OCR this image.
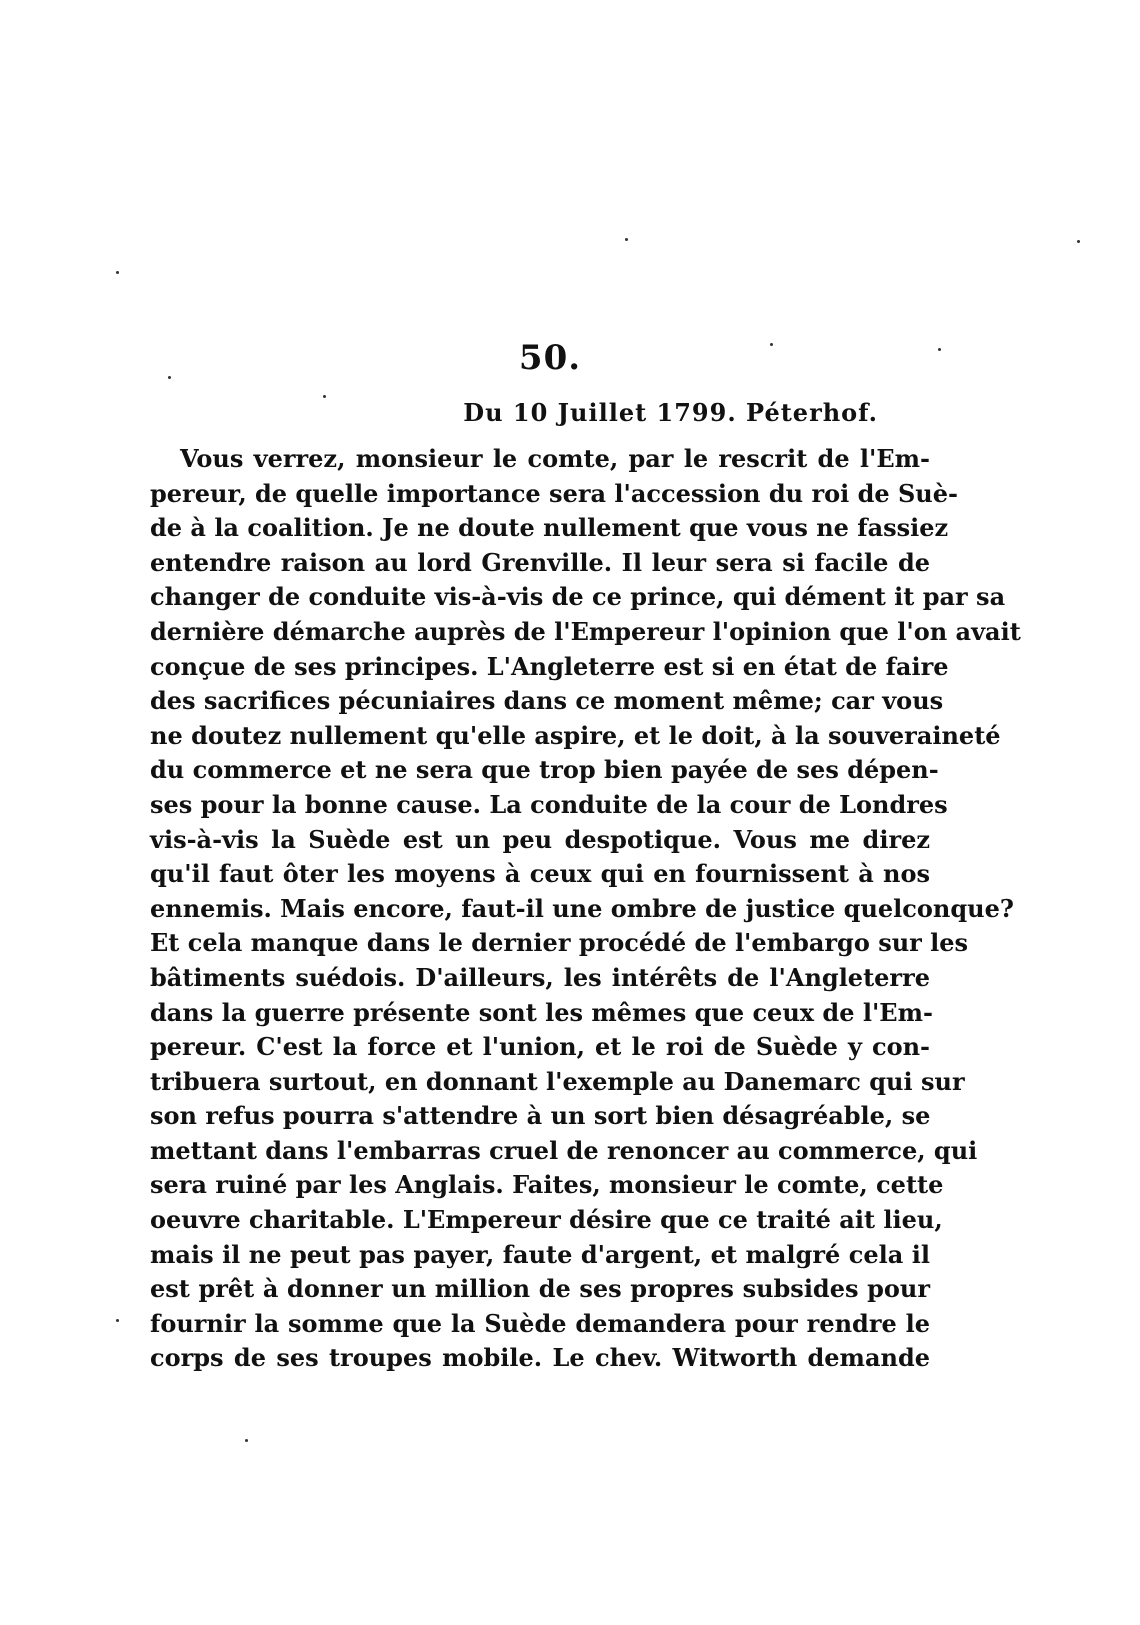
50.
Du 10 Juillet 1799. Péterhof.
Vous verrez, monsieur le comte, par le rescrit de l'Em-
pereur, de quelle importance sera l'accession du roi de Suè-
de à la coalition. Je ne doute nullement que vous ne fassiez
entendre raison au lord Grenville. Il leur sera si facile de
changer de conduite vis-à-vis de ce prince, qui dément it par sa
dernière démarche auprès de l'Empereur l'opinion que l'on avait
conçue de ses principes. L'Angleterre est si en état de faire
des sacrifices pécuniaires dans ce moment même; car vous
ne doutez nullement qu'elle aspire, et le doit, à la souveraineté
du commerce et ne sera que trop bien payée de ses dépen-
ses pour la bonne cause. La conduite de la cour de Londres
vis-à-vis la Suède est un peu despotique. Vous me direz
qu'il faut ôter les moyens à ceux qui en fournissent à nos
ennemis. Mais encore, faut-il une ombre de justice quelconque?
Et cela manque dans le dernier procédé de l'embargo sur les
bâtiments suédois. D'ailleurs, les intérêts de l'Angleterre
dans la guerre présente sont les mêmes que ceux de l'Em-
pereur. C'est la force et l'union, et le roi de Suède y con-
tribuera surtout, en donnant l'exemple au Danemarc qui sur
son refus pourra s'attendre à un sort bien désagréable, se
mettant dans l'embarras cruel de renoncer au commerce, qui
sera ruiné par les Anglais. Faites, monsieur le comte, cette
oeuvre charitable. L'Empereur désire que ce traité ait lieu,
mais il ne peut pas payer, faute d'argent, et malgré cela il
est prêt à donner un million de ses propres subsides pour
fournir la somme que la Suède demandera pour rendre le
corps de ses troupes mobile. Le chev. Witworth demande
